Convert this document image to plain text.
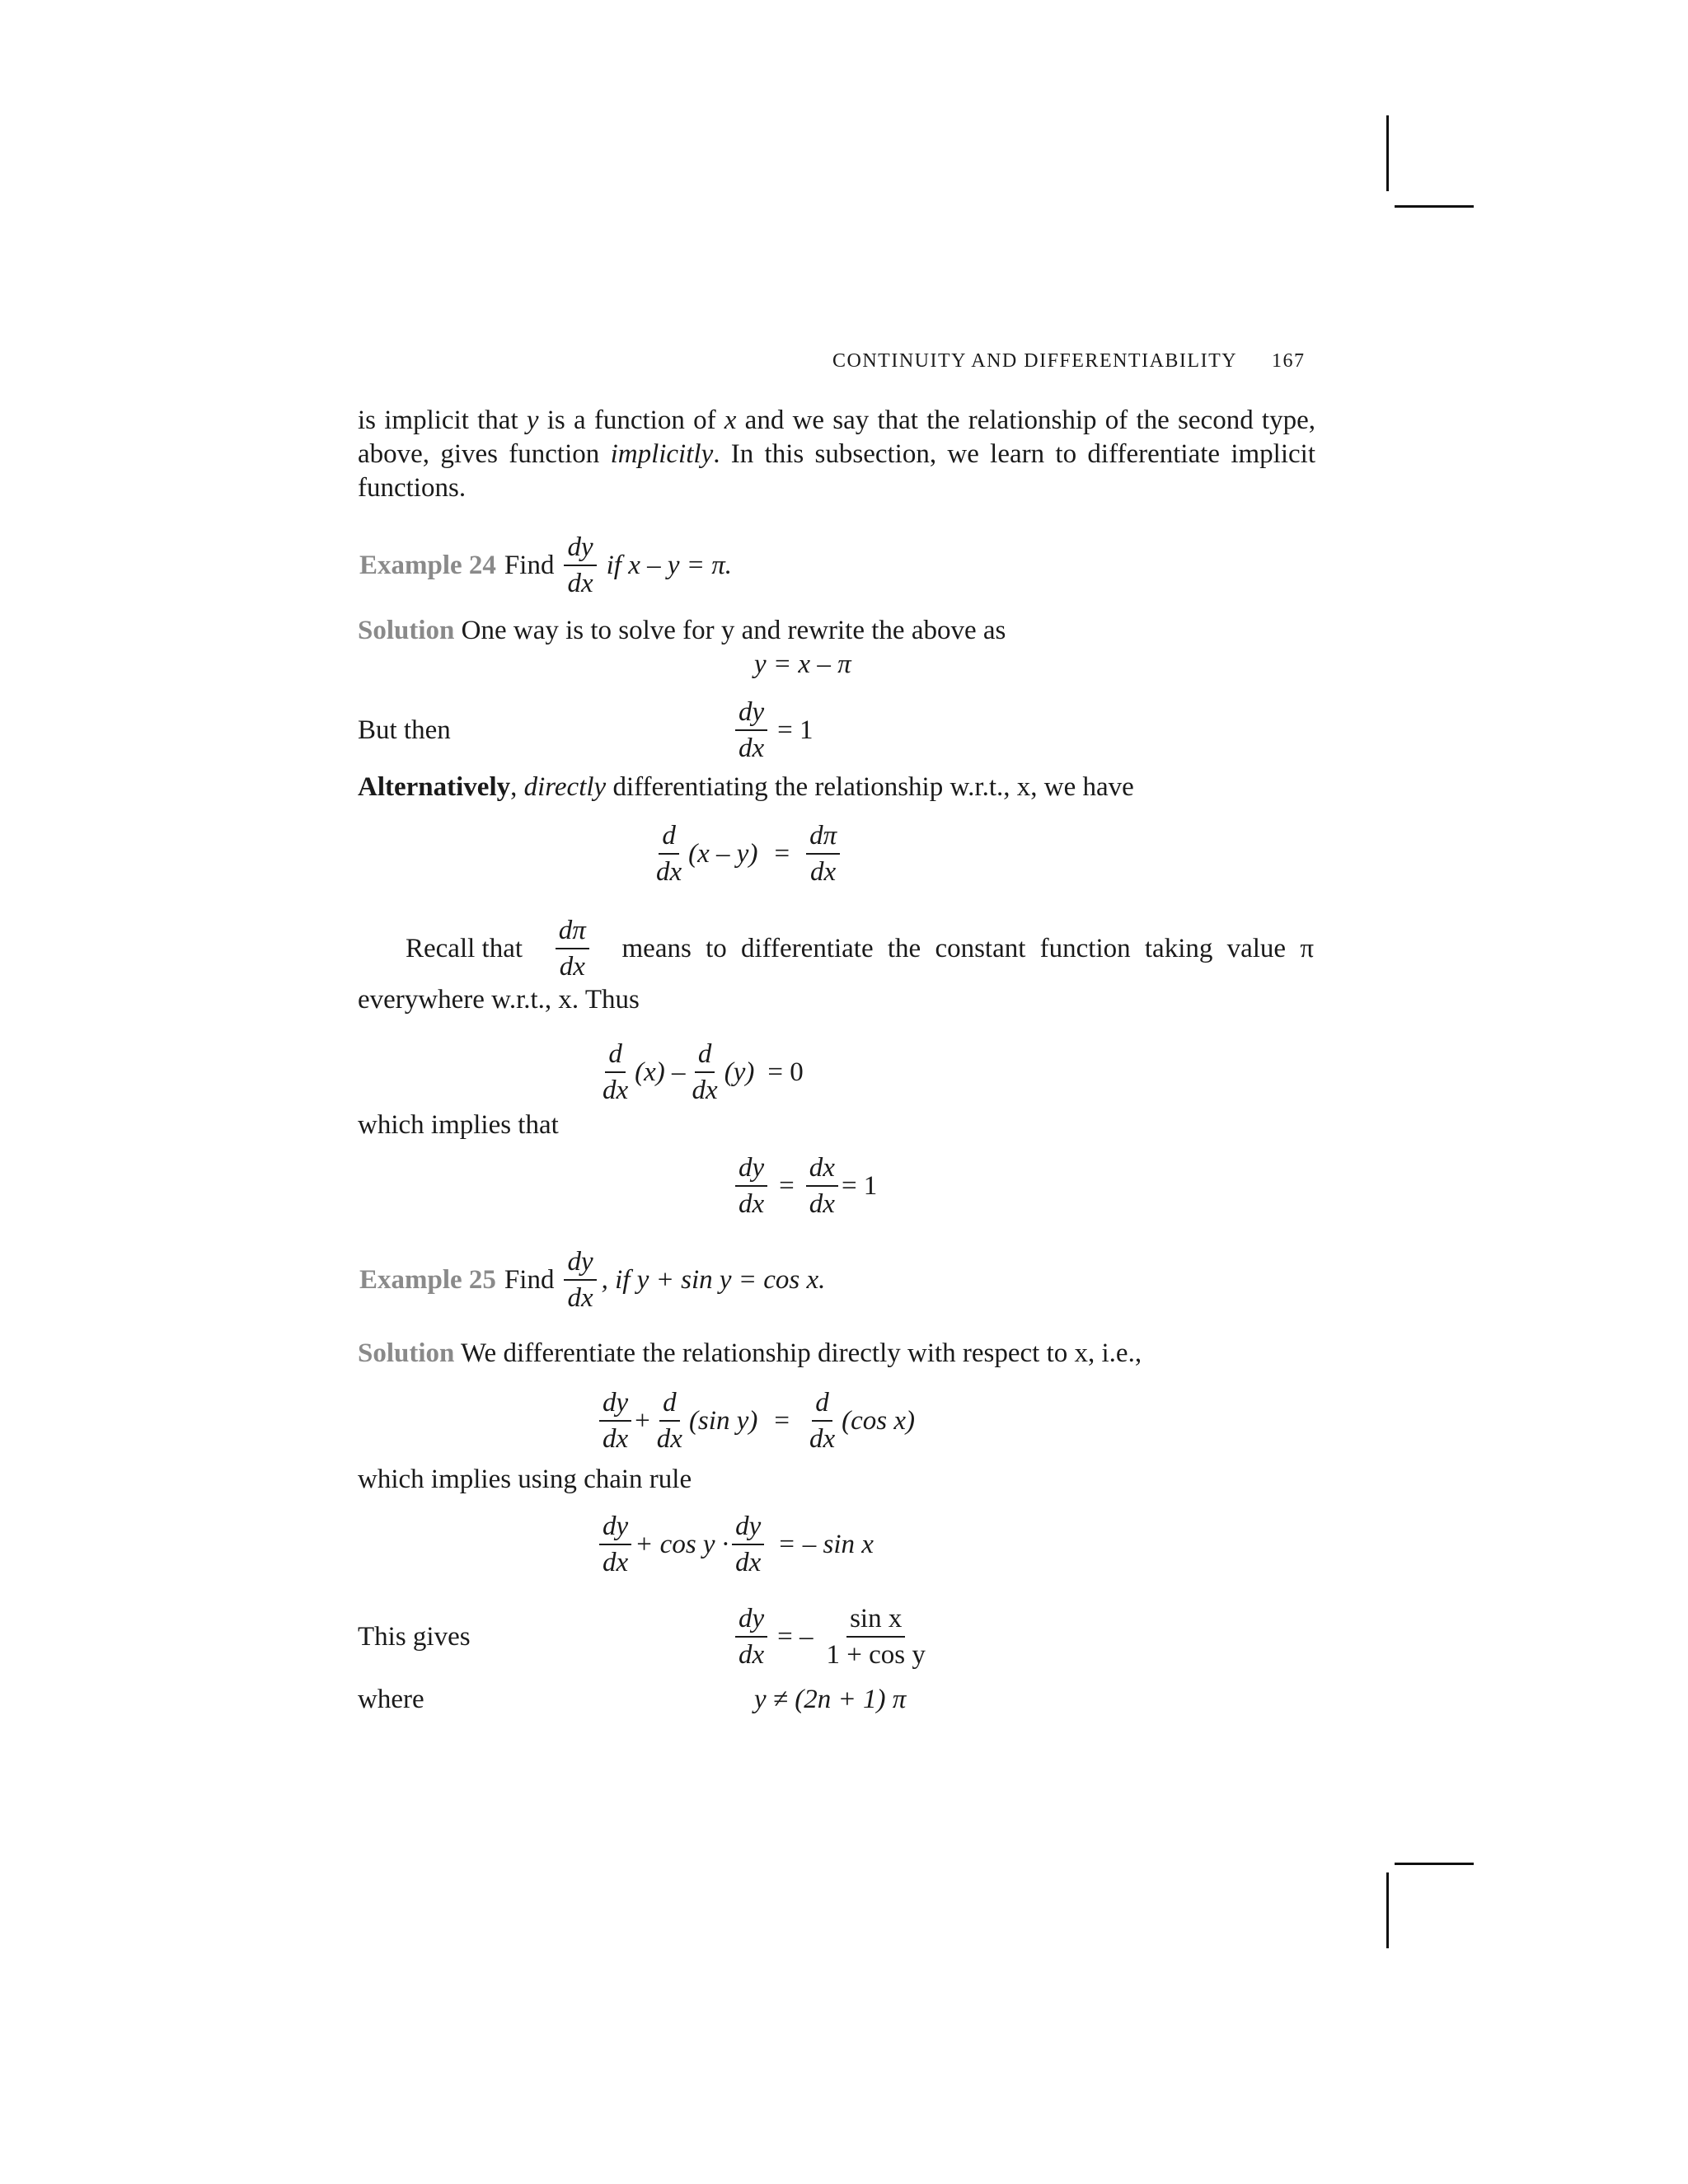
CONTINUITY AND DIFFERENTIABILITY 167
is implicit that y is a function of x and we say that the relationship of the second type,
above, gives function implicitly. In this subsection, we learn to differentiate implicit
functions.
Example 24 Find $\frac{dy}{dx}$ if x – y = π.
Solution One way is to solve for y and rewrite the above as
y = x – π
But then	$\frac{dy}{dx} = 1$
Alternatively, directly differentiating the relationship w.r.t., x, we have
$\frac{d}{dx} (x - y) = \frac{d\pi}{dx}$
Recall that $\frac{d\pi}{dx}$ means to differentiate the constant function taking value π
everywhere w.r.t., x. Thus
$\frac{d}{dx} (x) - \frac{d}{dx} (y) = 0$
which implies that
$\frac{dy}{dx} = \frac{dx}{dx} = 1$
Example 25 Find $\frac{dy}{dx}$ , if y + sin y = cos x.
Solution We differentiate the relationship directly with respect to x, i.e.,
$\frac{dy}{dx} + \frac{d}{dx} (\sin$ $y) = \frac{d}{dx} (\cos$ x)
which implies using chain rule
$\frac{dy}{dx} + \cos y \cdot \frac{dy}{dx}$ = – sin x
This gives	$\frac{dy}{dx}$ = – $\frac{\text{sin x}}{\text{1 + cos y}}$
where	y ≠ (2n + 1) π
